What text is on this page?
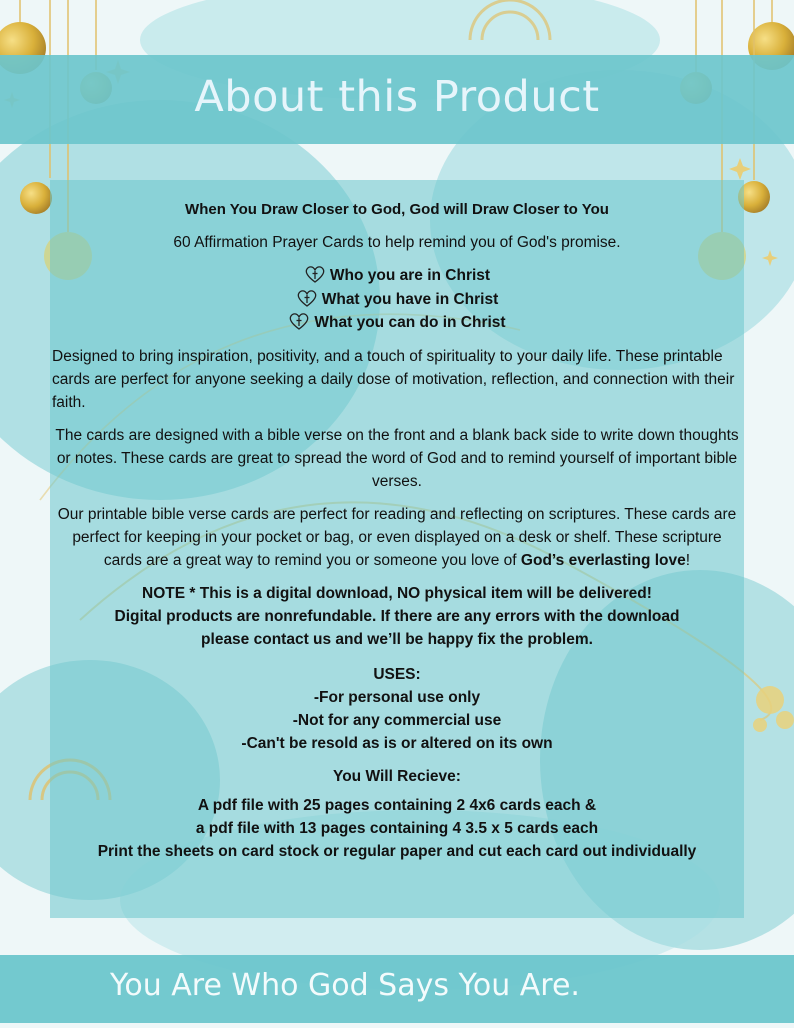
About this Product

When You Draw Closer to God, God will Draw Closer to You

60 Affirmation Prayer Cards to help remind you of God's promise.

Who you are in Christ
What you have in Christ
What you can do in Christ

Designed to bring inspiration, positivity, and a touch of spirituality to your daily life. These printable cards are perfect for anyone seeking a daily dose of motivation, reflection, and connection with their faith.

The cards are designed with a bible verse on the front and a blank back side to write down thoughts or notes. These cards are great to spread the word of God and to remind yourself of important bible verses.

Our printable bible verse cards are perfect for reading and reflecting on scriptures. These cards are perfect for keeping in your pocket or bag, or even displayed on a desk or shelf. These scripture cards are a great way to remind you or someone you love of God’s everlasting love!

NOTE * This is a digital download, NO physical item will be delivered!

Digital products are nonrefundable. If there are any errors with the download

please contact us and we’ll be happy fix the problem.

USES:

-For personal use only

-Not for any commercial use

-Can't be resold as is or altered on its own

You Will Recieve:

A pdf file with 25 pages containing 2 4x6 cards each &

a pdf file with 13 pages containing 4 3.5 x 5 cards each

Print the sheets on card stock or regular paper and cut each card out individually

You Are Who God Says You Are.
